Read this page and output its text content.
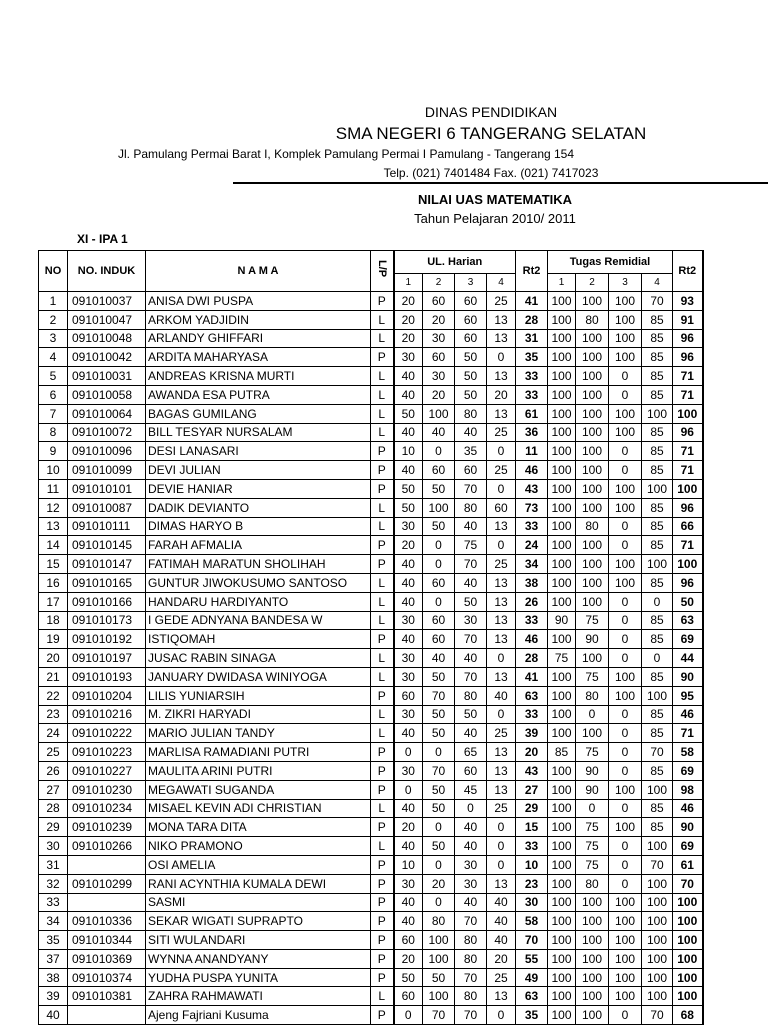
DINAS PENDIDIKAN
SMA NEGERI 6 TANGERANG SELATAN
Jl. Pamulang Permai Barat I, Komplek Pamulang Permai I Pamulang - Tangerang 154
Telp. (021) 7401484 Fax. (021) 7417023
NILAI UAS MATEMATIKA
Tahun Pelajaran 2010/ 2011
XI - IPA 1
NO	NO. INDUK	N A M A	L/P	UL. Harian				Rt2	Tugas Remidial				Rt2
				1	2	3	4		1	2	3	4	
1	091010037	ANISA DWI PUSPA	P	20	60	60	25	41	100	100	100	70	93
2	091010047	ARKOM YADJIDIN	L	20	20	60	13	28	100	80	100	85	91
3	091010048	ARLANDY GHIFFARI	L	20	30	60	13	31	100	100	100	85	96
4	091010042	ARDITA MAHARYASA	P	30	60	50	0	35	100	100	100	85	96
5	091010031	ANDREAS KRISNA MURTI	L	40	30	50	13	33	100	100	0	85	71
6	091010058	AWANDA ESA PUTRA	L	40	20	50	20	33	100	100	0	85	71
7	091010064	BAGAS GUMILANG	L	50	100	80	13	61	100	100	100	100	100
8	091010072	BILL TESYAR NURSALAM	L	40	40	40	25	36	100	100	100	85	96
9	091010096	DESI LANASARI	P	10	0	35	0	11	100	100	0	85	71
10	091010099	DEVI JULIAN	P	40	60	60	25	46	100	100	0	85	71
11	091010101	DEVIE HANIAR	P	50	50	70	0	43	100	100	100	100	100
12	091010087	DADIK DEVIANTO	L	50	100	80	60	73	100	100	100	85	96
13	091010111	DIMAS HARYO B	L	30	50	40	13	33	100	80	0	85	66
14	091010145	FARAH AFMALIA	P	20	0	75	0	24	100	100	0	85	71
15	091010147	FATIMAH MARATUN SHOLIHAH	P	40	0	70	25	34	100	100	100	100	100
16	091010165	GUNTUR JIWOKUSUMO SANTOSO	L	40	60	40	13	38	100	100	100	85	96
17	091010166	HANDARU HARDIYANTO	L	40	0	50	13	26	100	100	0	0	50
18	091010173	I GEDE ADNYANA BANDESA W	L	30	60	30	13	33	90	75	0	85	63
19	091010192	ISTIQOMAH	P	40	60	70	13	46	100	90	0	85	69
20	091010197	JUSAC RABIN SINAGA	L	30	40	40	0	28	75	100	0	0	44
21	091010193	JANUARY DWIDASA WINIYOGA	L	30	50	70	13	41	100	75	100	85	90
22	091010204	LILIS YUNIARSIH	P	60	70	80	40	63	100	80	100	100	95
23	091010216	M. ZIKRI HARYADI	L	30	50	50	0	33	100	0	0	85	46
24	091010222	MARIO JULIAN TANDY	L	40	50	40	25	39	100	100	0	85	71
25	091010223	MARLISA RAMADIANI PUTRI	P	0	0	65	13	20	85	75	0	70	58
26	091010227	MAULITA ARINI PUTRI	P	30	70	60	13	43	100	90	0	85	69
27	091010230	MEGAWATI SUGANDA	P	0	50	45	13	27	100	90	100	100	98
28	091010234	MISAEL KEVIN ADI CHRISTIAN	L	40	50	0	25	29	100	0	0	85	46
29	091010239	MONA TARA DITA	P	20	0	40	0	15	100	75	100	85	90
30	091010266	NIKO PRAMONO	L	40	50	40	0	33	100	75	0	100	69
31		OSI AMELIA	P	10	0	30	0	10	100	75	0	70	61
32	091010299	RANI ACYNTHIA KUMALA DEWI	P	30	20	30	13	23	100	80	0	100	70
33		SASMI	P	40	0	40	40	30	100	100	100	100	100
34	091010336	SEKAR WIGATI SUPRAPTO	P	40	80	70	40	58	100	100	100	100	100
35	091010344	SITI WULANDARI	P	60	100	80	40	70	100	100	100	100	100
37	091010369	WYNNA ANANDYANY	P	20	100	80	20	55	100	100	100	100	100
38	091010374	YUDHA PUSPA YUNITA	P	50	50	70	25	49	100	100	100	100	100
39	091010381	ZAHRA RAHMAWATI	L	60	100	80	13	63	100	100	100	100	100
40		Ajeng Fajriani Kusuma	P	0	70	70	0	35	100	100	0	70	68
